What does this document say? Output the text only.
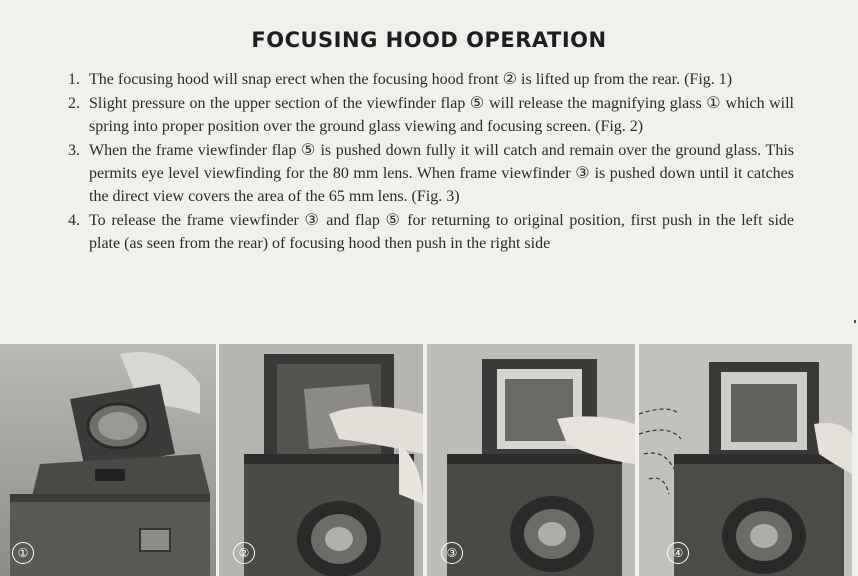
FOCUSING HOOD OPERATION
1. The focusing hood will snap erect when the focusing hood front ② is lifted up from the rear. (Fig. 1)
2. Slight pressure on the upper section of the viewfinder flap ⑤ will release the magnifying glass ① which will spring into proper position over the ground glass viewing and focusing screen. (Fig. 2)
3. When the frame viewfinder flap ⑤ is pushed down fully it will catch and remain over the ground glass. This permits eye level viewfinding for the 80 mm lens. When frame viewfinder ③ is pushed down until it catches the direct view covers the area of the 65 mm lens. (Fig. 3)
4. To release the frame viewfinder ③ and flap ⑤ for returning to original position, first push in the left side plate (as seen from the rear) of focusing hood then push in the right side
①	②	③	④
